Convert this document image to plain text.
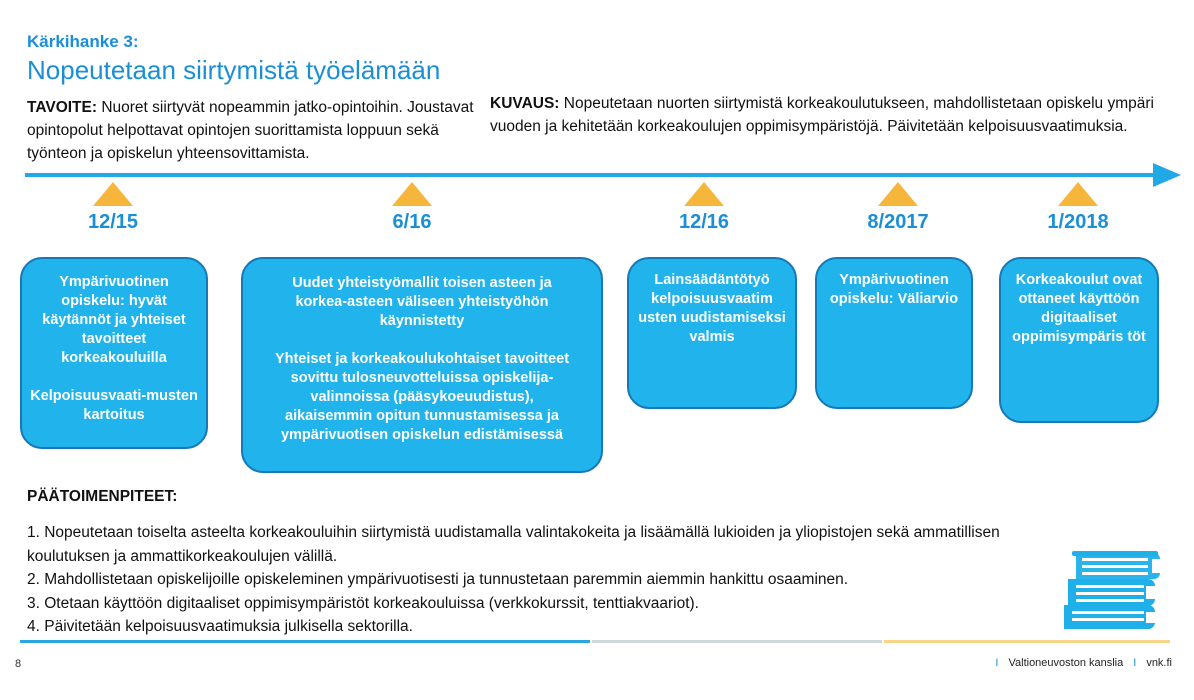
Kärkihanke 3:
Nopeutetaan siirtymistä työelämään
TAVOITE: Nuoret siirtyvät nopeammin jatko-opintoihin. Joustavat opintopolut helpottavat opintojen suorittamista loppuun sekä työnteon ja opiskelun yhteensovittamista.
KUVAUS: Nopeutetaan nuorten siirtymistä korkeakoulutukseen, mahdollistetaan opiskelu ympäri vuoden ja kehitetään korkeakoulujen oppimisympäristöjä. Päivitetään kelpoisuusvaatimuksia.
12/15

Ympärivuotinen opiskelu: hyvät käytännöt ja yhteiset tavoitteet korkeakouluilla

Kelpoisuusvaati-musten kartoitus

6/16

Uudet yhteistyömallit toisen asteen ja korkea-asteen väliseen yhteistyöhön käynnistetty

Yhteiset ja korkeakoulukohtaiset tavoitteet sovittu tulosneuvotteluissa opiskelija-valinnoissa (pääsykoeuudistus), aikaisemmin opitun tunnustamisessa ja ympärivuotisen opiskelun edistämisessä

12/16

Lainsäädäntötyö kelpoisuusvaatim usten uudistamiseksi valmis

8/2017

Ympärivuotinen opiskelu: Väliarvio

1/2018

Korkeakoulut ovat ottaneet käyttöön digitaaliset oppimisympäris töt

PÄÄTOIMENPITEET:
1. Nopeutetaan toiselta asteelta korkeakouluihin siirtymistä uudistamalla valintakokeita ja lisäämällä lukioiden ja yliopistojen sekä ammatillisen koulutuksen ja ammattikorkeakoulujen välillä.
2. Mahdollistetaan opiskelijoille opiskeleminen ympärivuotisesti ja tunnustetaan paremmin aiemmin hankittu osaaminen.
3. Otetaan käyttöön digitaaliset oppimisympäristöt korkeakouluissa (verkkokurssit, tenttiakvaariot).
4. Päivitetään kelpoisuusvaatimuksia julkisella sektorilla.
8	I Valtioneuvoston kanslia I vnk.fi
